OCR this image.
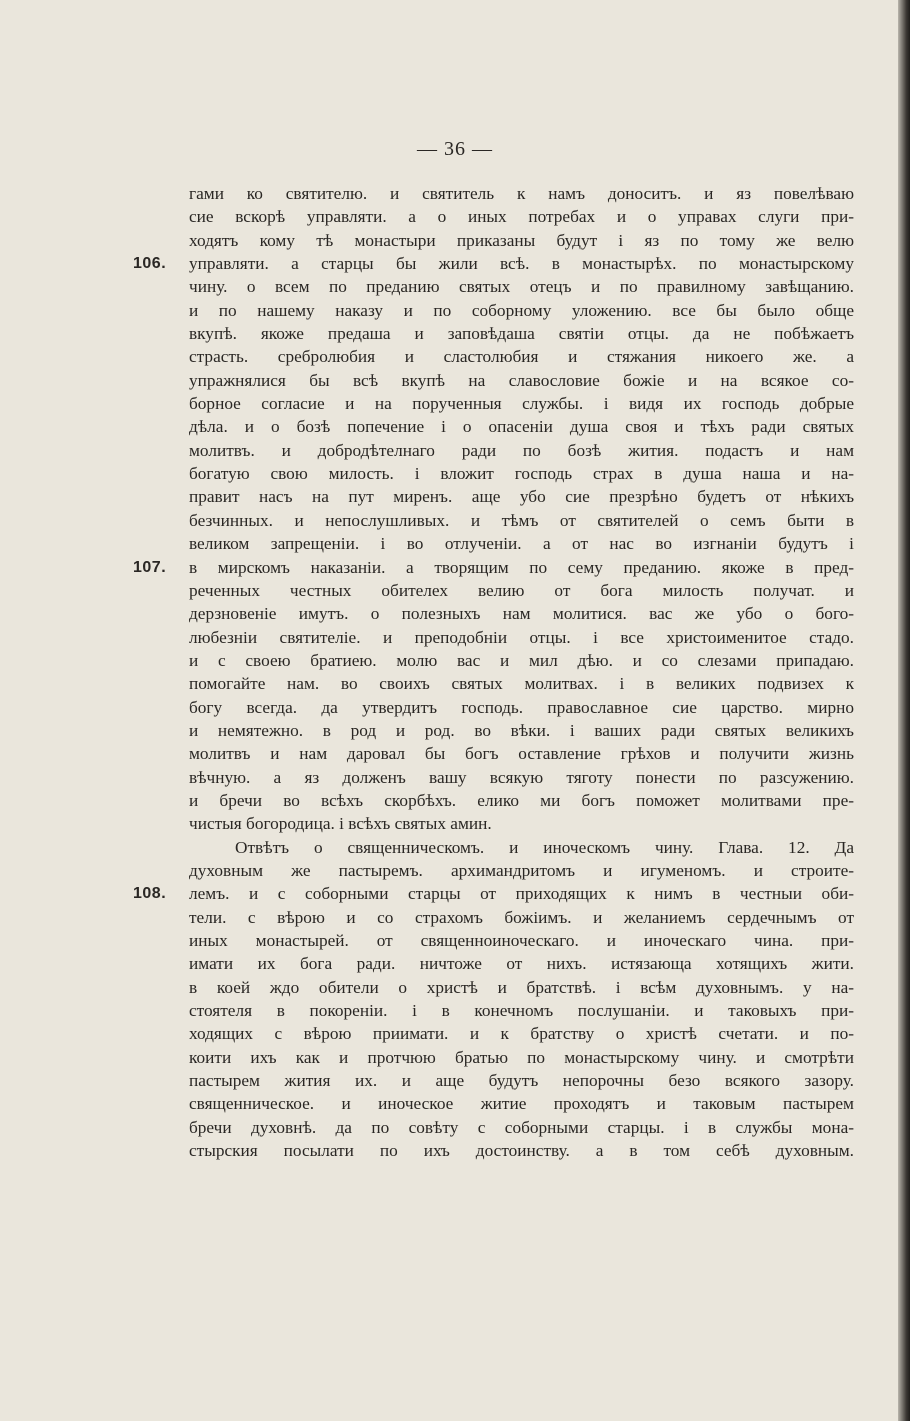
— 36 —
гами ко святителю. и святитель к намъ доноситъ. и яз повелѣваю
сие вскорѣ управляти. а о иных потребах и о управах слуги при-
ходятъ кому тѣ монастыри приказаны будут і яз по тому же велю
управляти. а старцы бы жили всѣ. в монастырѣх. по монастырскому
106.
чину. о всем по преданию святых отецъ и по правилному завѣщанию.
и по нашему наказу и по соборному уложению. все бы было обще
вкупѣ. якоже предаша и заповѣдаша святіи отцы. да не побѣжаетъ
страсть. сребролюбия и сластолюбия и стяжания никоего же. а
упражнялися бы всѣ вкупѣ на славословие божіе и на всякое со-
борное согласие и на порученныя службы. і видя их господь добрые
дѣла. и о бозѣ попечение і о опасеніи душа своя и тѣхъ ради святых
молитвъ. и добродѣтелнаго ради по бозѣ жития. подастъ и нам
богатую свою милость. і вложит господь страх в душа наша и на-
правит насъ на пут миренъ. аще убо сие презрѣно будетъ от нѣкихъ
безчинных. и непослушливых. и тѣмъ от святителей о семъ быти в
великом запрещеніи. і во отлученіи. а от нас во изгнаніи будутъ і
в мирскомъ наказаніи. а творящим по сему преданию. якоже в пред-
107.
реченных честных обителех велию от бога милость получат. и
дерзновеніе имутъ. о полезныхъ нам молитися. вас же убо о бого-
любезніи святителіе. и преподобніи отцы. і все христоименитое стадо.
и с своею братиею. молю вас и мил дѣю. и со слезами припадаю.
помогайте нам. во своихъ святых молитвах. і в великих подвизех к
богу всегда. да утвердитъ господь. православное сие царство. мирно
и немятежно. в род и род. во вѣки. і ваших ради святых великихъ
молитвъ и нам даровал бы богъ оставление грѣхов и получити жизнь
вѣчную. а яз долженъ вашу всякую тяготу понести по разсужению.
и бречи во всѣхъ скорбѣхъ. елико ми богъ поможет молитвами пре-
чистыя богородица. і всѣхъ святых амин.
Отвѣтъ о священническомъ. и иноческомъ чину. Глава. 12. Да
духовным же пастыремъ. архимандритомъ и игуменомъ. и строите-
лемъ. и с соборными старцы от приходящих к нимъ в честныи оби-
108.
тели. с вѣрою и со страхомъ божіимъ. и желаниемъ сердечнымъ от
иных монастырей. от священноиноческаго. и иноческаго чина. при-
имати их бога ради. ничтоже от нихъ. истязающа хотящихъ жити.
в коей ждо обители о христѣ и братствѣ. і всѣм духовнымъ. у на-
стоятеля в покореніи. і в конечномъ послушаніи. и таковыхъ при-
ходящих с вѣрою приимати. и к братству о христѣ счетати. и по-
коити ихъ как и протчюю братью по монастырскому чину. и смотрѣти
пастырем жития их. и аще будутъ непорочны безо всякого зазору.
священническое. и иноческое житие проходятъ и таковым пастырем
бречи духовнѣ. да по совѣту с соборными старцы. і в службы мона-
стырския посылати по ихъ достоинству. а в том себѣ духовным.
